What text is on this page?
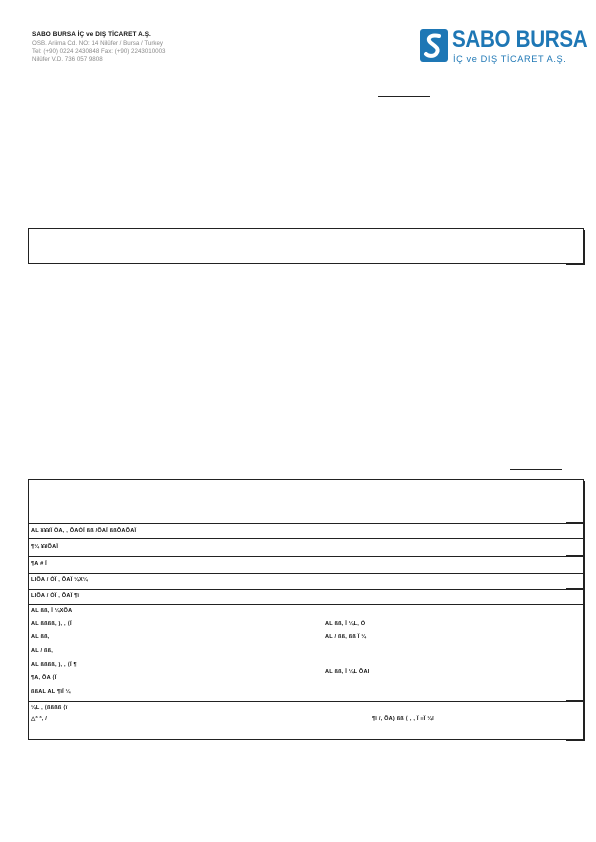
SABO BURSA İÇ ve DIŞ TİCARET A.Ş.
OSB. Ariima Cd. NO: 14 Nilüfer / Bursa / Turkey
Tel: (+90) 0224 2430848 Fax: (+90) 2243010003
Nilüfer V.D. 736 057 9808
SABO BURSA
İÇ ve DIŞ TİCARET A.Ş.
AL ¥¥¥Ï ÖA, , ÕAÒÏ ßß /ÕAÏ ßßÕAÕAÏ
¶¼ ¥¥ÕAÏ
¶A # Ï
LIÕA / ÒÏ , ÕAÏ ¼X¼
LIÕA / ÒÏ , ÕAÏ ¶ï
AL ßß, Ï ¼XÕA
AL ßßßß, ), , ⟨Ï
AL ßß,
AL / ßß,
AL ßßßß, ), , ⟨Ï ¶
¶A, ÕA ⟨Ï
ßßAL AL ¶ïÏ ¼
AL ßß, Ï ¼L, Ó
AL / ßß, ßß Ï ¼
AL ßß, Ï ¼L ÕAI
¼L , ⟨ßßßß ⟨ï
△ª ª, /	¶ï /, ÕA) ßß ⟨ , , Ï ≡Ï ¼ï
